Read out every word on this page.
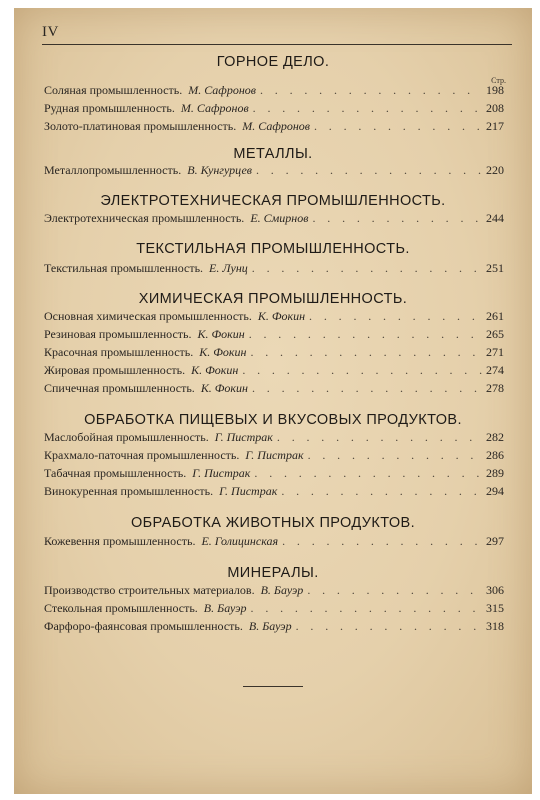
IV
Стр.
ГОРНОЕ ДЕЛО.
Соляная промышленность. М. Сафронов . . .	198
Рудная промышленность. М. Сафронов . . .	208
Золото-платиновая промышленность. М. Сафронов . . .	217
МЕТАЛЛЫ.
Металлопромышленность. В. Кунгурцев . . .	220
ЭЛЕКТРОТЕХНИЧЕСКАЯ ПРОМЫШЛЕННОСТЬ.
Электротехническая промышленность. Е. Смирнов . . .	244
ТЕКСТИЛЬНАЯ ПРОМЫШЛЕННОСТЬ.
Текстильная промышленность. Е. Лунц . . .	251
ХИМИЧЕСКАЯ ПРОМЫШЛЕННОСТЬ.
Основная химическая промышленность. К. Фокин . . .	261
Резиновая промышленность. К. Фокин . . .	265
Красочная промышленность. К. Фокин . . .	271
Жировая промышленность. К. Фокин . . .	274
Спичечная промышленность. К. Фокин . . .	278
ОБРАБОТКА ПИЩЕВЫХ И ВКУСОВЫХ ПРОДУКТОВ.
Маслобойная промышленность. Г. Пистрак . . .	282
Крахмало-паточная промышленность. Г. Пистрак . . .	286
Табачная промышленность. Г. Пистрак . . .	289
Винокуренная промышленность. Г. Пистрак . . .	294
ОБРАБОТКА ЖИВОТНЫХ ПРОДУКТОВ.
Кожевення промышленность. Е. Голицинская . . .	297
МИНЕРАЛЫ.
Производство строительных материалов. В. Бауэр . . .	306
Стекольная промышленность. В. Бауэр . . .	315
Фарфоро-фаянсовая промышленность. В. Бауэр . . .	318
